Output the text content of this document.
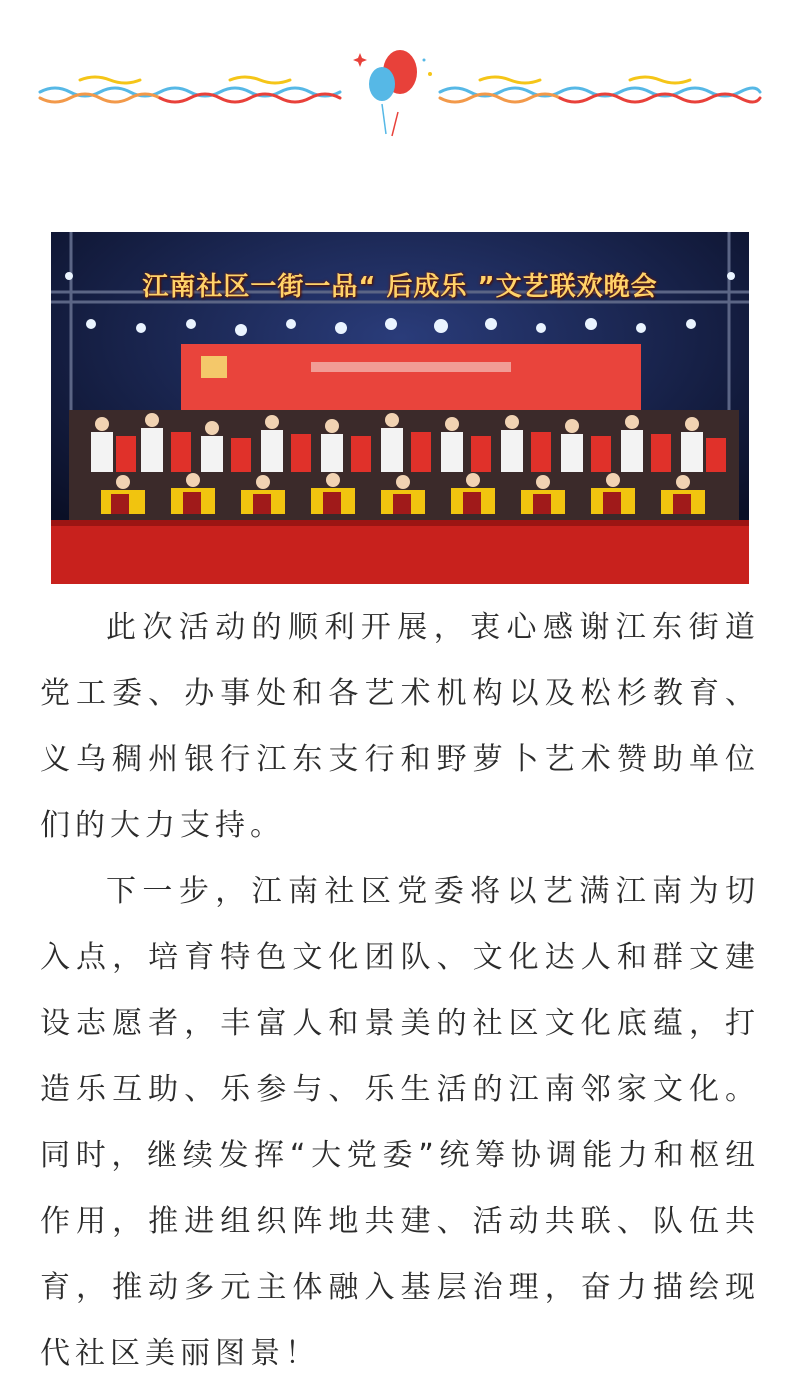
江南社区一街一品“ 后成乐 ”文艺联欢晚会

此次活动的顺利开展，衷心感谢江东街道党工委、办事处和各艺术机构以及松杉教育、义乌稠州银行江东支行和野萝卜艺术赞助单位们的大力支持。

下一步，江南社区党委将以艺满江南为切入点，培育特色文化团队、文化达人和群文建设志愿者，丰富人和景美的社区文化底蕴，打造乐互助、乐参与、乐生活的江南邻家文化。同时，继续发挥“大党委”统筹协调能力和枢纽作用，推进组织阵地共建、活动共联、队伍共育，推动多元主体融入基层治理，奋力描绘现代社区美丽图景！
